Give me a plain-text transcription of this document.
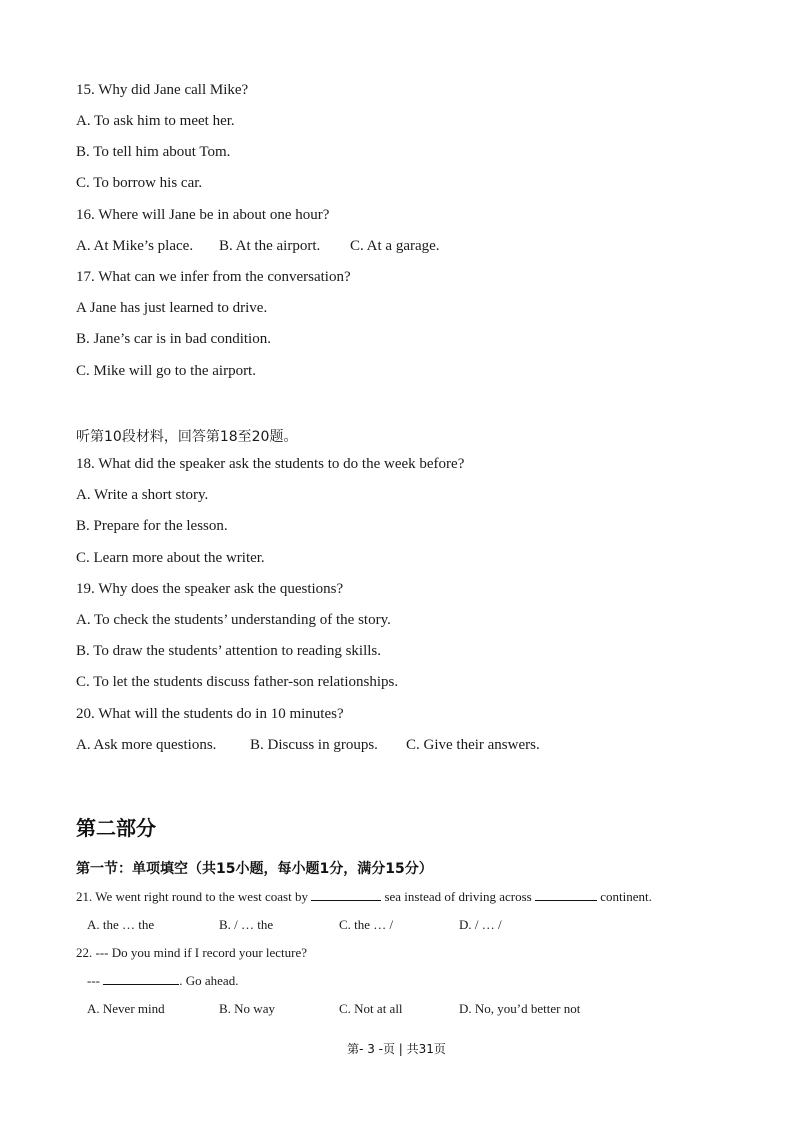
15. Why did Jane call Mike?
A. To ask him to meet her.
B. To tell him about Tom.
C. To borrow his car.
16. Where will Jane be in about one hour?
A. At Mike’s place. B. At the airport. C. At a garage.
17. What can we infer from the conversation?
A Jane has just learned to drive.
B. Jane’s car is in bad condition.
C. Mike will go to the airport.
听第10段材料，回答第18至20题。
18. What did the speaker ask the students to do the week before?
A. Write a short story.
B. Prepare for the lesson.
C. Learn more about the writer.
19. Why does the speaker ask the questions?
A. To check the students’ understanding of the story.
B. To draw the students’ attention to reading skills.
C. To let the students discuss father-son relationships.
20. What will the students do in 10 minutes?
A. Ask more questions. B. Discuss in groups. C. Give their answers.
第二部分
第一节：单项填空（共15小题，每小题1分，满分15分）
21. We went right round to the west coast by	sea instead of driving across	continent.
A. the … the	B. / … the	C. the … /	D. / … /
22. --- Do you mind if I record your lecture?
---	. Go ahead.
A. Never mind	B. No way	C. Not at all	D. No, you’d better not
第- 3 -页 | 共31页
